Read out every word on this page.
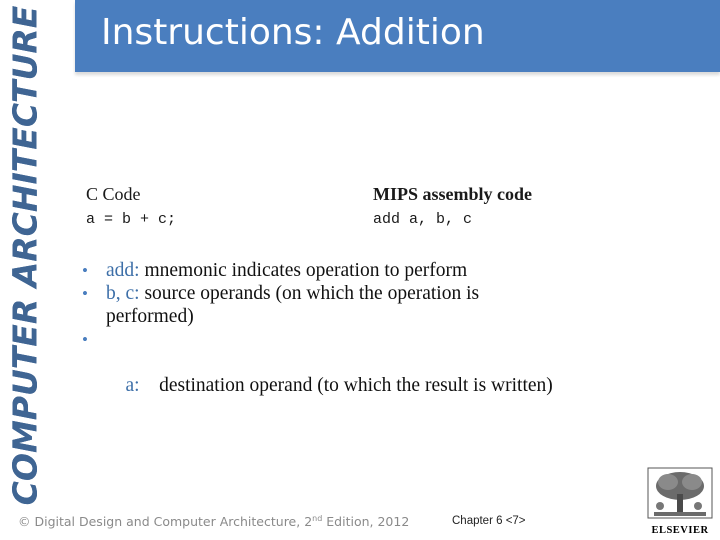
COMPUTER ARCHITECTURE Instructions: Addition
C Code
a = b + c;
MIPS assembly code
add a, b, c
• add: mnemonic indicates operation to perform
• b, c: source operands (on which the operation is performed)

•

a:    destination operand (to which the result is written)

© Digital Design and Computer Architecture, 2nd Edition, 2012	Chapter 6 <7>
ELSEVIER
